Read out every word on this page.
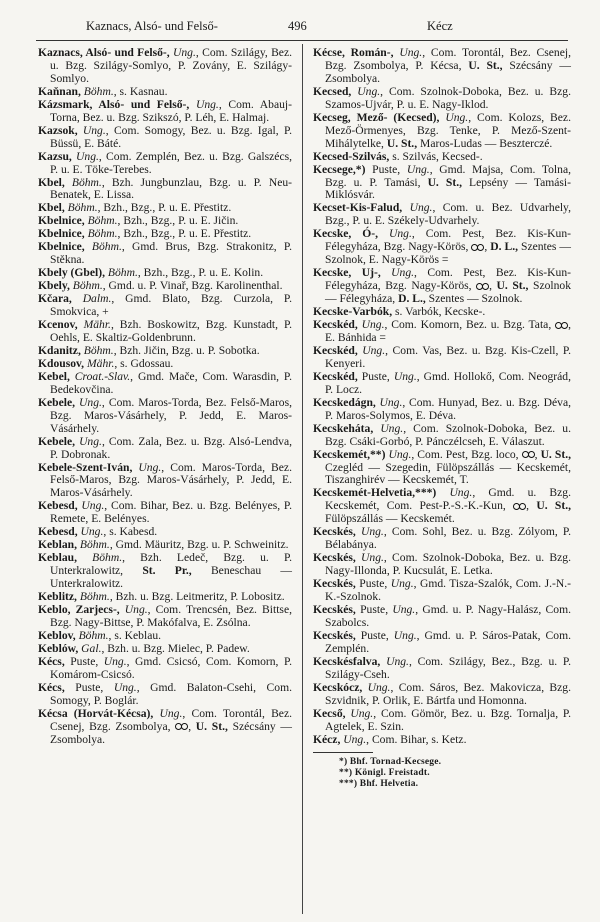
Kaznacs, Alsó- und Felső-	496	Kécz
Kaznacs, Alsó- und Felső-, Ung., Com. Szilágy, Bez. u. Bzg. Szilágy-Somlyo, P. Zovány, E. Szilágy-Somlyo.
Kaňnan, Böhm., s. Kasnau.
Kázsmark, Alsó- und Felső-, Ung., Com. Abauj-Torna, Bez. u. Bzg. Szikszó, P. Léh, E. Halmaj.
Kazsok, Ung., Com. Somogy, Bez. u. Bzg. Igal, P. Büssü, E. Báté.
Kazsu, Ung., Com. Zemplén, Bez. u. Bzg. Galszécs, P. u. E. Töke-Terebes.
Kbel, Böhm., Bzh. Jungbunzlau, Bzg. u. P. Neu-Benatek, E. Lissa.
Kbel, Böhm., Bzh., Bzg., P. u. E. Přestitz.
Kbelnice, Böhm., Bzh., Bzg., P. u. E. Jičin.
Kbelnice, Böhm., Bzh., Bzg., P. u. E. Přestitz.
Kbelnice, Böhm., Gmd. Brus, Bzg. Strakonitz, P. Stěkna.
Kbely (Gbel), Böhm., Bzh., Bzg., P. u. E. Kolin.
Kbely, Böhm., Gmd. u. P. Vinař, Bzg. Karolinenthal.
Kčara, Dalm., Gmd. Blato, Bzg. Curzola, P. Smokvica, +
Kcenov, Mähr., Bzh. Boskowitz, Bzg. Kunstadt, P. Oehls, E. Skaltiz-Goldenbrunn.
Kdanitz, Böhm., Bzh. Jičin, Bzg. u. P. Sobotka.
Kdousov, Mähr., s. Gdossau.
Kebel, Croat.-Slav., Gmd. Mače, Com. Warasdin, P. Bedekovčina.
Kebele, Ung., Com. Maros-Torda, Bez. Felső-Maros, Bzg. Maros-Vásárhely, P. Jedd, E. Maros-Vásárhely.
Kebele, Ung., Com. Zala, Bez. u. Bzg. Alsó-Lendva, P. Dobronak.
Kebele-Szent-Iván, Ung., Com. Maros-Torda, Bez. Felső-Maros, Bzg. Maros-Vásárhely, P. Jedd, E. Maros-Vásárhely.
Kebesd, Ung., Com. Bihar, Bez. u. Bzg. Belényes, P. Remete, E. Belényes.
Kebesd, Ung., s. Kabesd.
Keblan, Böhm., Gmd. Mäuritz, Bzg. u. P. Schweinitz.
Keblau, Böhm., Bzh. Ledeč, Bzg. u. P. Unterkralowitz, St. Pr., Beneschau — Unterkralowitz.
Keblitz, Böhm., Bzh. u. Bzg. Leitmeritz, P. Lobositz.
Keblo, Zarjecs-, Ung., Com. Trencsén, Bez. Bittse, Bzg. Nagy-Bittse, P. Makófalva, E. Zsólna.
Keblov, Böhm., s. Keblau.
Keblów, Gal., Bzh. u. Bzg. Mielec, P. Padew.
Kécs, Puste, Ung., Gmd. Csicsó, Com. Komorn, P. Komárom-Csicsó.
Kécs, Puste, Ung., Gmd. Balaton-Csehi, Com. Somogy, P. Boglár.
Kécsa (Horvát-Kécsa), Ung., Com. Torontál, Bez. Csenej, Bzg. Zsombolya, , U. St., Szécsány — Zsombolya.
Kécse, Román-, Ung., Com. Torontál, Bez. Csenej, Bzg. Zsombolya, P. Kécsa, U. St., Szécsány — Zsombolya.
Kecsed, Ung., Com. Szolnok-Doboka, Bez. u. Bzg. Szamos-Ujvár, P. u. E. Nagy-Iklod.
Kecseg, Mező- (Kecsed), Ung., Com. Kolozs, Bez. Mező-Örmenyes, Bzg. Tenke, P. Mező-Szent-Mihálytelke, U. St., Maros-Ludas — Beszterczé.
Kecsed-Szilvás, s. Szilvás, Kecsed-.
Kecsege,*) Puste, Ung., Gmd. Majsa, Com. Tolna, Bzg. u. P. Tamási, U. St., Lepsény — Tamási-Miklósvár.
Kecset-Kis-Falud, Ung., Com. u. Bez. Udvarhely, Bzg., P. u. E. Székely-Udvarhely.
Kecske, Ó-, Ung., Com. Pest, Bez. Kis-Kun-Félegyháza, Bzg. Nagy-Körös, , D. L., Szentes — Szolnok, E. Nagy-Körös =
Kecske, Uj-, Ung., Com. Pest, Bez. Kis-Kun-Félegyháza, Bzg. Nagy-Körös, , U. St., Szolnok — Félegyháza, D. L., Szentes — Szolnok.
Kecske-Varbók, s. Varbók, Kecske-.
Kecskéd, Ung., Com. Komorn, Bez. u. Bzg. Tata, , E. Bánhida =
Kecskéd, Ung., Com. Vas, Bez. u. Bzg. Kis-Czell, P. Kenyeri.
Kecskéd, Puste, Ung., Gmd. Hollokő, Com. Neográd, P. Locz.
Kecskedágn, Ung., Com. Hunyad, Bez. u. Bzg. Déva, P. Maros-Solymos, E. Déva.
Kecskeháta, Ung., Com. Szolnok-Doboka, Bez. u. Bzg. Csáki-Gorbó, P. Pánczélcseh, E. Válaszut.
Kecskemét,**) Ung., Com. Pest, Bzg. loco, , U. St., Czegléd — Szegedin, Fülöpszállás — Kecskemét, Tiszanghirév — Kecskemét, T.
Kecskemét-Helvetia,***) Ung., Gmd. u. Bzg. Kecskemét, Com. Pest-P.-S.-K.-Kun, , U. St., Fülöpszállás — Kecskemét.
Kecskés, Ung., Com. Sohl, Bez. u. Bzg. Zólyom, P. Bélabánya.
Kecskés, Ung., Com. Szolnok-Doboka, Bez. u. Bzg. Nagy-Illonda, P. Kucsulát, E. Letka.
Kecskés, Puste, Ung., Gmd. Tisza-Szalók, Com. J.-N.-K.-Szolnok.
Kecskés, Puste, Ung., Gmd. u. P. Nagy-Halász, Com. Szabolcs.
Kecskés, Puste, Ung., Gmd. u. P. Sáros-Patak, Com. Zemplén.
Kecskésfalva, Ung., Com. Szilágy, Bez., Bzg. u. P. Szilágy-Cseh.
Kecskócz, Ung., Com. Sáros, Bez. Makovicza, Bzg. Szvidnik, P. Orlik, E. Bártfa und Homonna.
Kecső, Ung., Com. Gömör, Bez. u. Bzg. Tornalja, P. Agtelek, E. Szin.
Kécz, Ung., Com. Bihar, s. Ketz.
*) Bhf. Tornad-Kecsege.
**) Königl. Freistadt.
***) Bhf. Helvetia.
